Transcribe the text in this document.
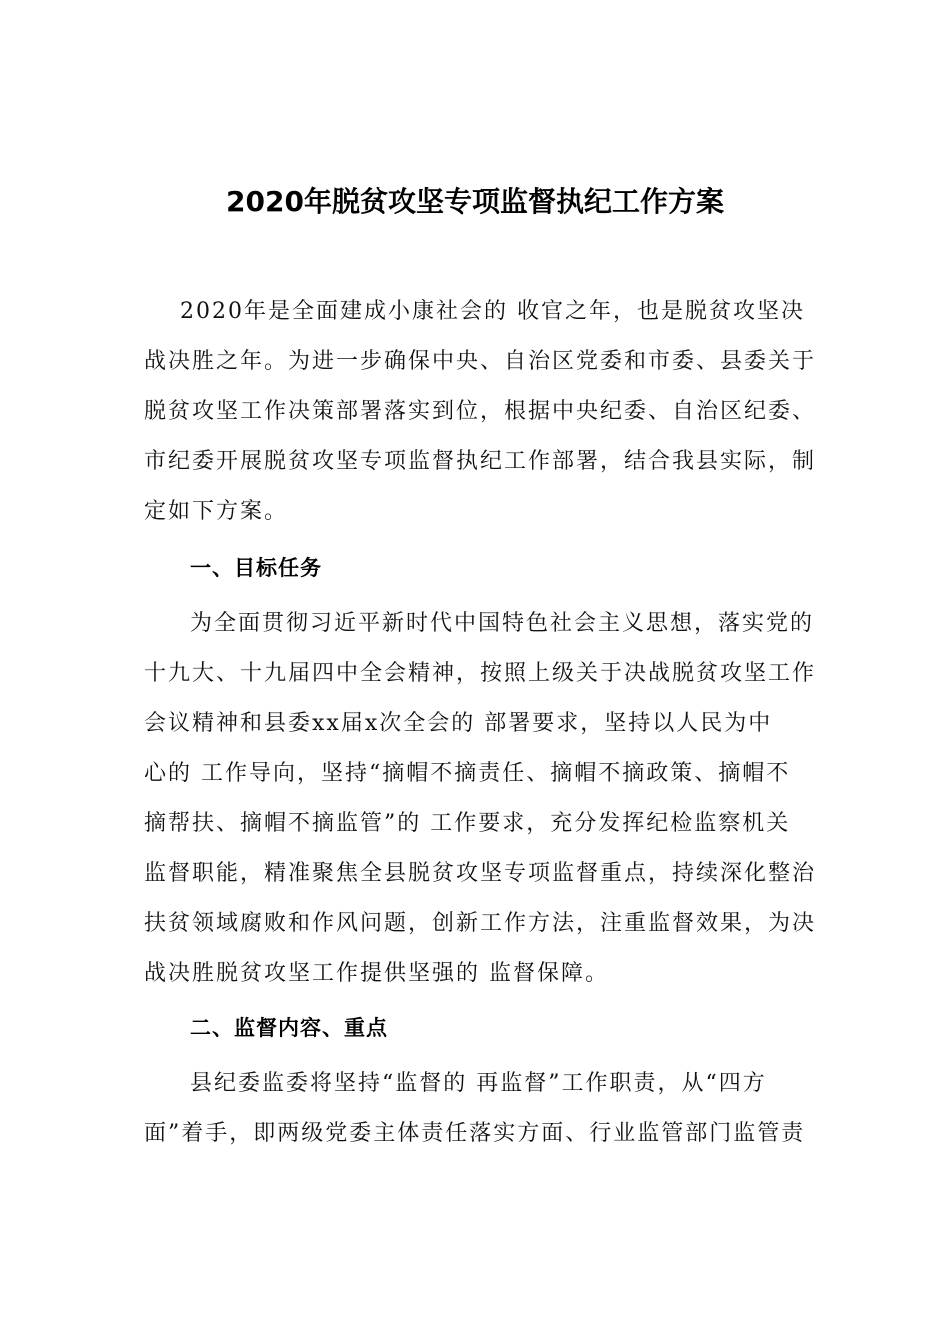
2020年脱贫攻坚专项监督执纪工作方案
2020年是全面建成小康社会的 收官之年，也是脱贫攻坚决
战决胜之年。为进一步确保中央、自治区党委和市委、县委关于
脱贫攻坚工作决策部署落实到位，根据中央纪委、自治区纪委、
市纪委开展脱贫攻坚专项监督执纪工作部署，结合我县实际，制
定如下方案。
一、目标任务
为全面贯彻习近平新时代中国特色社会主义思想，落实党的
十九大、十九届四中全会精神，按照上级关于决战脱贫攻坚工作
会议精神和县委xx届x次全会的 部署要求，坚持以人民为中
心的 工作导向，坚持“摘帽不摘责任、摘帽不摘政策、摘帽不
摘帮扶、摘帽不摘监管”的 工作要求，充分发挥纪检监察机关
监督职能，精准聚焦全县脱贫攻坚专项监督重点，持续深化整治
扶贫领域腐败和作风问题，创新工作方法，注重监督效果，为决
战决胜脱贫攻坚工作提供坚强的 监督保障。
二、监督内容、重点
县纪委监委将坚持“监督的 再监督”工作职责，从“四方
面”着手，即两级党委主体责任落实方面、行业监管部门监管责
